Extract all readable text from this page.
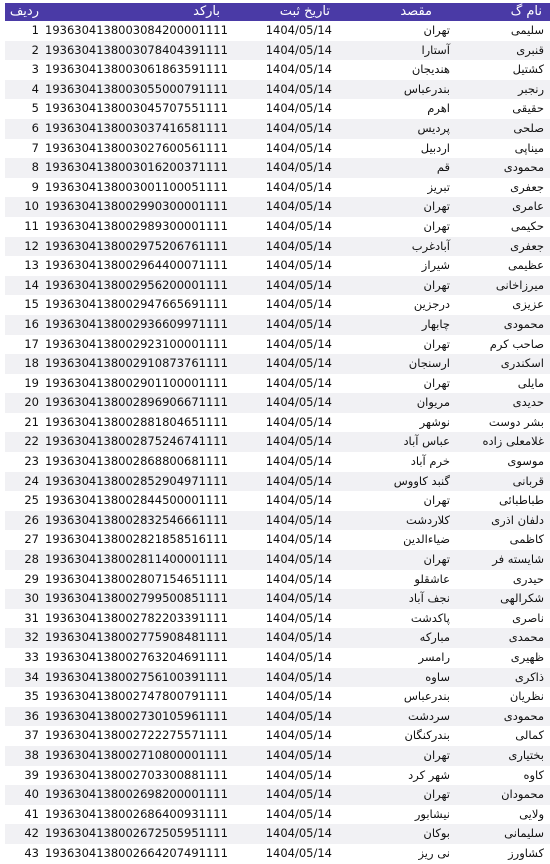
ردیف	بارکد	تاریخ ثبت	مقصد	نام گ
1	1936304138003084200001111	1404/05/14	تهران	سلیمی
2	1936304138003078404391111	1404/05/14	آستارا	قنبری
3	1936304138003061863591111	1404/05/14	هندیجان	کشتیل
4	1936304138003055000791111	1404/05/14	بندرعباس	رنجبر
5	1936304138003045707551111	1404/05/14	اهرم	حقیقی
6	1936304138003037416581111	1404/05/14	پردیس	صلحی
7	1936304138003027600561111	1404/05/14	اردبیل	میناپی
8	1936304138003016200371111	1404/05/14	قم	محمودی
9	1936304138003001100051111	1404/05/14	تبریز	جعفری
10	1936304138002990300001111	1404/05/14	تهران	عامری
11	1936304138002989300001111	1404/05/14	تهران	حکیمی
12	1936304138002975206761111	1404/05/14	آبادغرب	جعفری
13	1936304138002964400071111	1404/05/14	شیراز	عظیمی
14	1936304138002956200001111	1404/05/14	تهران	میرزاخانی
15	1936304138002947665691111	1404/05/14	درجزین	عزیزی
16	1936304138002936609971111	1404/05/14	چابهار	محمودی
17	1936304138002923100001111	1404/05/14	تهران	صاحب کرم
18	1936304138002910873761111	1404/05/14	ارسنجان	اسکندری
19	1936304138002901100001111	1404/05/14	تهران	مایلی
20	1936304138002896906671111	1404/05/14	مریوان	حدیدی
21	1936304138002881804651111	1404/05/14	نوشهر	بشر دوست
22	1936304138002875246741111	1404/05/14	عباس آباد	غلامعلی زاده
23	1936304138002868800681111	1404/05/14	خرم آباد	موسوی
24	1936304138002852904971111	1404/05/14	گنبد کاووس	قربانی
25	1936304138002844500001111	1404/05/14	تهران	طباطبائی
26	1936304138002832546661111	1404/05/14	کلاردشت	دلفان اذری
27	1936304138002821858516111	1404/05/14	ضیاءالدین	کاظمی
28	1936304138002811400001111	1404/05/14	تهران	شایسته فر
29	1936304138002807154651111	1404/05/14	عاشقلو	حیدری
30	1936304138002799500851111	1404/05/14	نجف آباد	شکرالهی
31	1936304138002782203391111	1404/05/14	پاکدشت	ناصری
32	1936304138002775908481111	1404/05/14	مبارکه	محمدی
33	1936304138002763204691111	1404/05/14	رامسر	ظهیری
34	1936304138002756100391111	1404/05/14	ساوه	ذاکری
35	1936304138002747800791111	1404/05/14	بندرعباس	نظریان
36	1936304138002730105961111	1404/05/14	سردشت	محمودی
37	1936304138002722275571111	1404/05/14	بندرکنگان	کمالی
38	1936304138002710800001111	1404/05/14	تهران	بختیاری
39	1936304138002703300881111	1404/05/14	شهر کرد	کاوه
40	1936304138002698200001111	1404/05/14	تهران	محمودان
41	1936304138002686400931111	1404/05/14	نیشابور	ولایی
42	1936304138002672505951111	1404/05/14	بوکان	سلیمانی
43	1936304138002664207491111	1404/05/14	نی ریز	کشاورز
